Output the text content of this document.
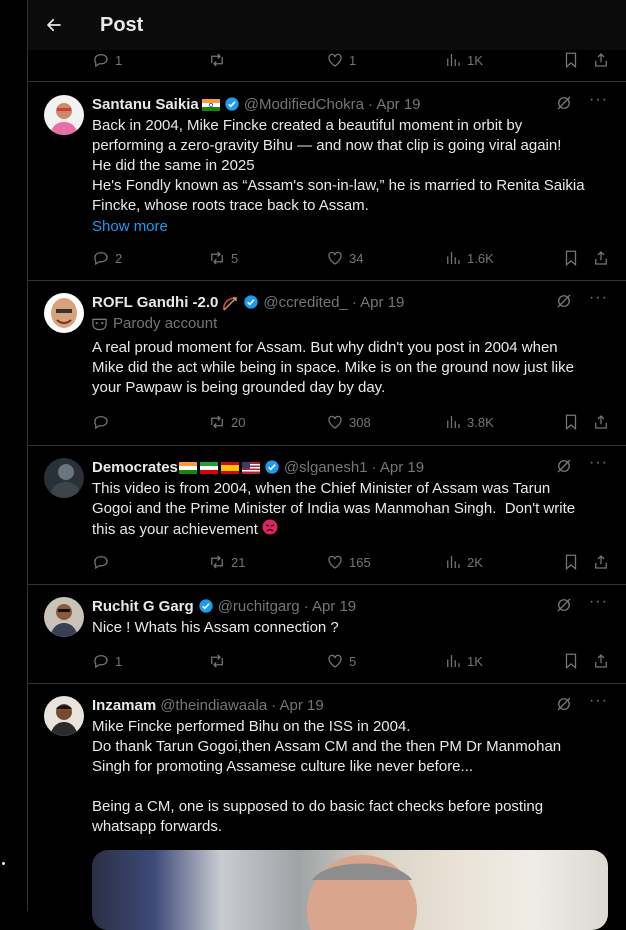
Post
1	1	1K
Santanu Saikia	@ModifiedChokra · Apr 19	···
Back in 2004, Mike Fincke created a beautiful moment in orbit by
performing a zero-gravity Bihu — and now that clip is going viral again!
He did the same in 2025
He's Fondly known as “Assam's son-in-law,” he is married to Renita Saikia
Fincke, whose roots trace back to Assam.
Show more
2	5	34	1.6K
ROFL Gandhi -2.0	@ccredited_ · Apr 19	···
Parody account
A real proud moment for Assam. But why didn't you post in 2004 when
Mike did the act while being in space. Mike is on the ground now just like
your Pawpaw is being grounded day by day.
20	308	3.8K
Democrates	@slganesh1 · Apr 19	···
This video is from 2004, when the Chief Minister of Assam was Tarun
Gogoi and the Prime Minister of India was Manmohan Singh.  Don't write
this as your achievement
21	165	2K
Ruchit G Garg @ruchitgarg · Apr 19	···
Nice ! Whats his Assam connection ?
1	5	1K
Inzamam @theindiawaala · Apr 19	···
Mike Fincke performed Bihu on the ISS in 2004.
Do thank Tarun Gogoi,then Assam CM and the then PM Dr Manmohan
Singh for promoting Assamese culture like never before...

Being a CM, one is supposed to do basic fact checks before posting
whatsapp forwards.
